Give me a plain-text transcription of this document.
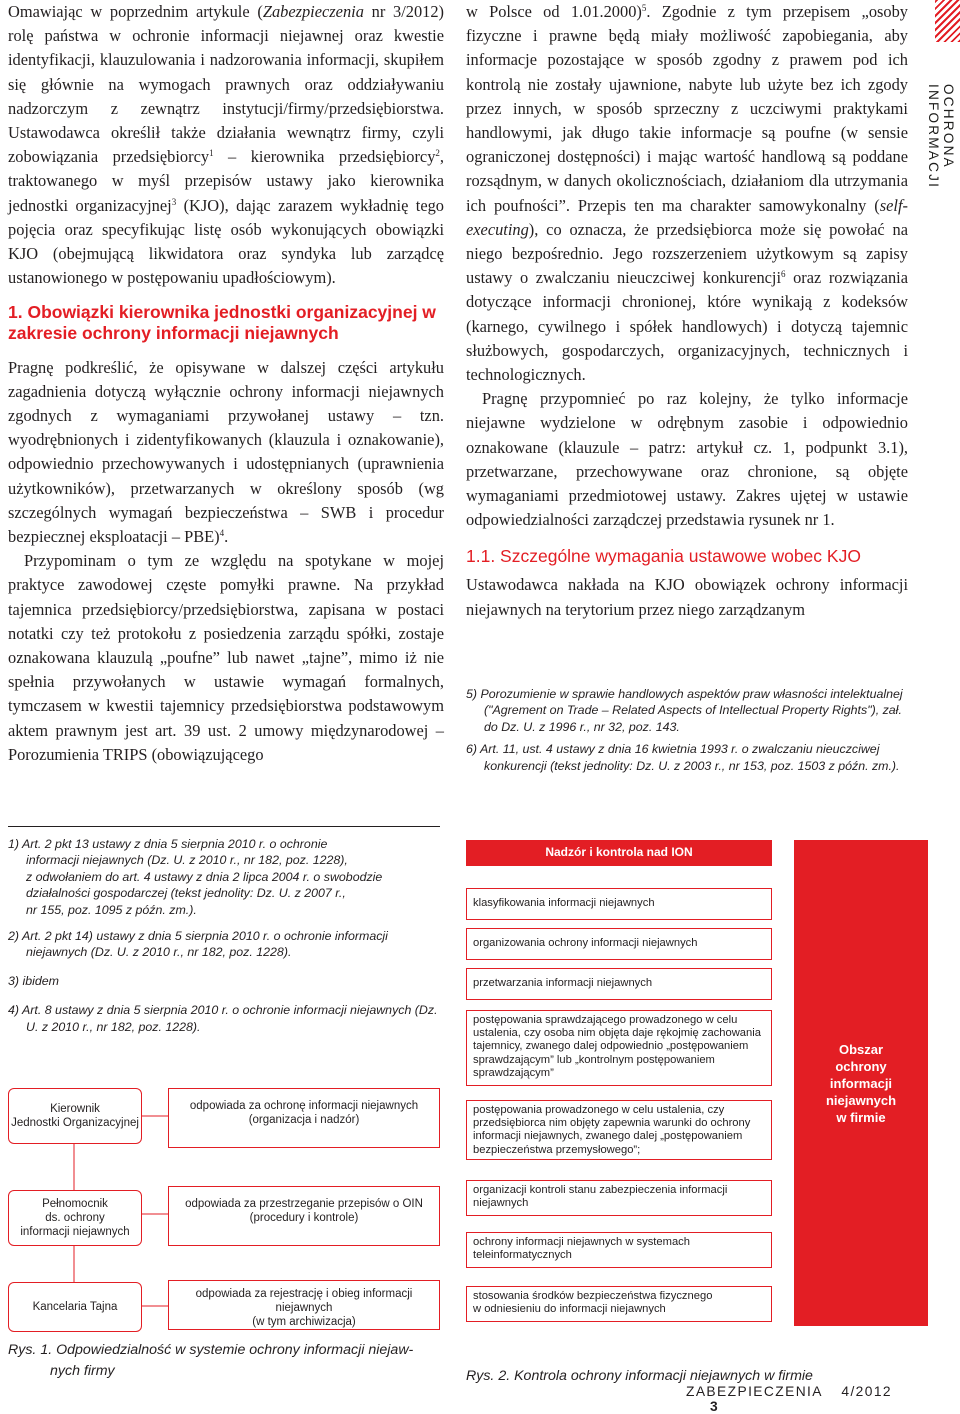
OCHRONA INFORMACJI

Omawiając w poprzednim artykule (Zabezpieczenia nr 3/2012) rolę państwa w ochronie informacji niejawnej oraz kwestie identyfikacji, klauzulowania i nadzorowania informacji, skupiłem się głównie na wymogach prawnych oraz oddziaływaniu nadzorczym z zewnątrz instytucji/firmy/przedsiębiorstwa. Ustawodawca określił także działania wewnątrz firmy, czyli zobowiązania przedsiębiorcy$^1$ – kierownika przedsiębiorcy$^2$, traktowanego w myśl przepisów ustawy jako kierownika jednostki organizacyjnej$^3$ (KJO), dając zarazem wykładnię tego pojęcia oraz specyfikując listę osób wykonujących obowiązki KJO (obejmującą likwidatora oraz syndyka lub zarządcę ustanowionego w postępowaniu upadłościowym).

1. Obowiązki kierownika jednostki organizacyjnej w zakresie ochrony informacji niejawnych

Pragnę podkreślić, że opisywane w dalszej części artykułu zagadnienia dotyczą wyłącznie ochrony informacji niejawnych zgodnych z wymaganiami przywołanej ustawy – tzn. wyodrębnionych i zidentyfikowanych (klauzula i oznakowanie), odpowiednio przechowywanych i udostępnianych (uprawnienia użytkowników), przetwarzanych w określony sposób (wg szczególnych wymagań bezpieczeństwa – SWB i procedur bezpiecznej eksploatacji – PBE)$^4$.

Przypominam o tym ze względu na spotykane w mojej praktyce zawodowej częste pomyłki prawne. Na przykład tajemnica przedsiębiorcy/przedsiębiorstwa, zapisana w postaci notatki czy też protokołu z posiedzenia zarządu spółki, zostaje oznakowana klauzulą „poufne” lub nawet „tajne”, mimo iż nie spełnia przywołanych w ustawie wymagań formalnych, tymczasem w kwestii tajemnicy przedsiębiorstwa podstawowym aktem prawnym jest art. 39 ust. 2 umowy międzynarodowej – Porozumienia TRIPS (obowiązującego

w Polsce od 1.01.2000)$^5$. Zgodnie z tym przepisem „osoby fizyczne i prawne będą miały możliwość zapobiegania, aby informacje pozostające w sposób zgodny z prawem pod ich kontrolą nie zostały ujawnione, nabyte lub użyte bez ich zgody przez innych, w sposób sprzeczny z uczciwymi praktykami handlowymi, jak długo takie informacje są poufne (w sensie ograniczonej dostępności) i mając wartość handlową są poddane rozsądnym, w danych okolicznościach, działaniom dla utrzymania ich poufności”. Przepis ten ma charakter samowykonalny (self-executing), co oznacza, że przedsiębiorca może się powołać na niego bezpośrednio. Jego rozszerzeniem użytkowym są zapisy ustawy o zwalczaniu nieuczciwej konkurencji$^6$ oraz rozwiązania dotyczące informacji chronionej, które wynikają z kodeksów (karnego, cywilnego i spółek handlowych) i dotyczą tajemnic służbowych, gospodarczych, organizacyjnych, technicznych i technologicznych.

Pragnę przypomnieć po raz kolejny, że tylko informacje niejawne wydzielone w odrębnym zasobie i odpowiednio oznakowane (klauzule – patrz: artykuł cz. 1, podpunkt 3.1), przetwarzane, przechowywane oraz chronione, są objęte wymaganiami przedmiotowej ustawy. Zakres ujętej w ustawie odpowiedzialności zarządczej przedstawia rysunek nr 1.

1.1. Szczególne wymagania ustawowe wobec KJO

Ustawodawca nakłada na KJO obowiązek ochrony informacji niejawnych na terytorium przez niego zarządzanym

5) Porozumienie w sprawie handlowych aspektów praw własności intelektualnej ("Agrement on Trade – Related Aspects of Intellectual Property Rights"), zał. do Dz. U. z 1996 r., nr 32, poz. 143.
6) Art. 11, ust. 4 ustawy z dnia 16 kwietnia 1993 r. o zwalczaniu nieuczciwej konkurencji (tekst jednolity: Dz. U. z 2003 r., nr 153, poz. 1503 z późn. zm.).
1) Art. 2 pkt 13 ustawy z dnia 5 sierpnia 2010 r. o ochronie
informacji niejawnych (Dz. U. z 2010 r., nr 182, poz. 1228),
z odwołaniem do art. 4 ustawy z dnia 2 lipca 2004 r. o swobodzie działalności gospodarczej (tekst jednolity: Dz. U. z 2007 r.,
nr 155, poz. 1095 z późn. zm.).
2) Art. 2 pkt 14) ustawy z dnia 5 sierpnia 2010 r. o ochronie informacji niejawnych (Dz. U. z 2010 r., nr 182, poz. 1228).
3) ibidem
4) Art. 8 ustawy z dnia 5 sierpnia 2010 r. o ochronie informacji niejawnych (Dz. U. z 2010 r., nr 182, poz. 1228).
Kierownik
Jednostki Organizacyjnej
odpowiada za ochronę informacji niejawnych
(organizacja i nadzór)
Pełnomocnik
ds. ochrony
informacji niejawnych
odpowiada za przestrzeganie przepisów o OIN
(procedury i kontrole)
Kancelaria Tajna
odpowiada za rejestrację i obieg informacji niejawnych
(w tym archiwizacja)
Rys. 1. Odpowiedzialność w systemie ochrony informacji niejaw-
nych firmy
Nadzór i kontrola nad ION
klasyfikowania informacji niejawnych
organizowania ochrony informacji niejawnych
przetwarzania informacji niejawnych
postępowania sprawdzającego prowadzonego w celu
ustalenia, czy osoba nim objęta daje rękojmię zachowania
tajemnicy, zwanego dalej odpowiednio „postępowaniem
sprawdzającym” lub „kontrolnym postępowaniem
sprawdzającym”
postępowania prowadzonego w celu ustalenia, czy
przedsiębiorca nim objęty zapewnia warunki do ochrony
informacji niejawnych, zwanego dalej „postępowaniem
bezpieczeństwa przemysłowego”;
organizacji kontroli stanu zabezpieczenia informacji
niejawnych
ochrony informacji niejawnych w systemach
teleinformatycznych
stosowania środków bezpieczeństwa fizycznego
w odniesieniu do informacji niejawnych
Obszar
ochrony
informacji
niejawnych
w firmie
Rys. 2. Kontrola ochrony informacji niejawnych w firmie
ZABEZPIECZENIA 4/2012 3
